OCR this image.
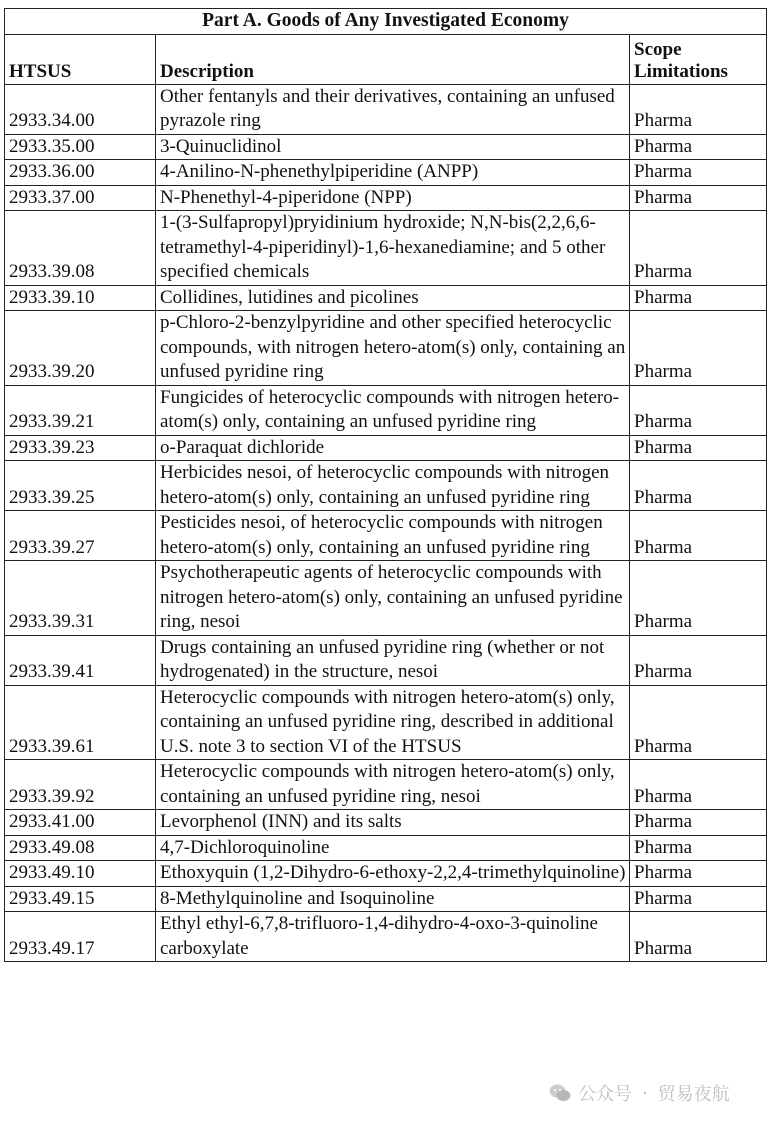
Part A. Goods of Any Investigated Economy		
HTSUS	Description	Scope Limitations
2933.34.00	Other fentanyls and their derivatives, containing an unfused pyrazole ring	Pharma
2933.35.00	3-Quinuclidinol	Pharma
2933.36.00	4-Anilino-N-phenethylpiperidine (ANPP)	Pharma
2933.37.00	N-Phenethyl-4-piperidone (NPP)	Pharma
2933.39.08	1-(3-Sulfapropyl)pryidinium hydroxide; N,N-bis(2,2,6,6-tetramethyl-4-piperidinyl)-1,6-hexanediamine; and 5 other specified chemicals	Pharma
2933.39.10	Collidines, lutidines and picolines	Pharma
2933.39.20	p-Chloro-2-benzylpyridine and other specified heterocyclic compounds, with nitrogen hetero-atom(s) only, containing an unfused pyridine ring	Pharma
2933.39.21	Fungicides of heterocyclic compounds with nitrogen hetero-atom(s) only, containing an unfused pyridine ring	Pharma
2933.39.23	o-Paraquat dichloride	Pharma
2933.39.25	Herbicides nesoi, of heterocyclic compounds with nitrogen hetero-atom(s) only, containing an unfused pyridine ring	Pharma
2933.39.27	Pesticides nesoi, of heterocyclic compounds with nitrogen hetero-atom(s) only, containing an unfused pyridine ring	Pharma
2933.39.31	Psychotherapeutic agents of heterocyclic compounds with nitrogen hetero-atom(s) only, containing an unfused pyridine ring, nesoi	Pharma
2933.39.41	Drugs containing an unfused pyridine ring (whether or not hydrogenated) in the structure, nesoi	Pharma
2933.39.61	Heterocyclic compounds with nitrogen hetero-atom(s) only, containing an unfused pyridine ring, described in additional U.S. note 3 to section VI of the HTSUS	Pharma
2933.39.92	Heterocyclic compounds with nitrogen hetero-atom(s) only, containing an unfused pyridine ring, nesoi	Pharma
2933.41.00	Levorphenol (INN) and its salts	Pharma
2933.49.08	4,7-Dichloroquinoline	Pharma
2933.49.10	Ethoxyquin (1,2-Dihydro-6-ethoxy-2,2,4-trimethylquinoline)	Pharma
2933.49.15	8-Methylquinoline and Isoquinoline	Pharma
2933.49.17	Ethyl ethyl-6,7,8-trifluoro-1,4-dihydro-4-oxo-3-quinoline carboxylate	Pharma
公众号 · 贸易夜航
